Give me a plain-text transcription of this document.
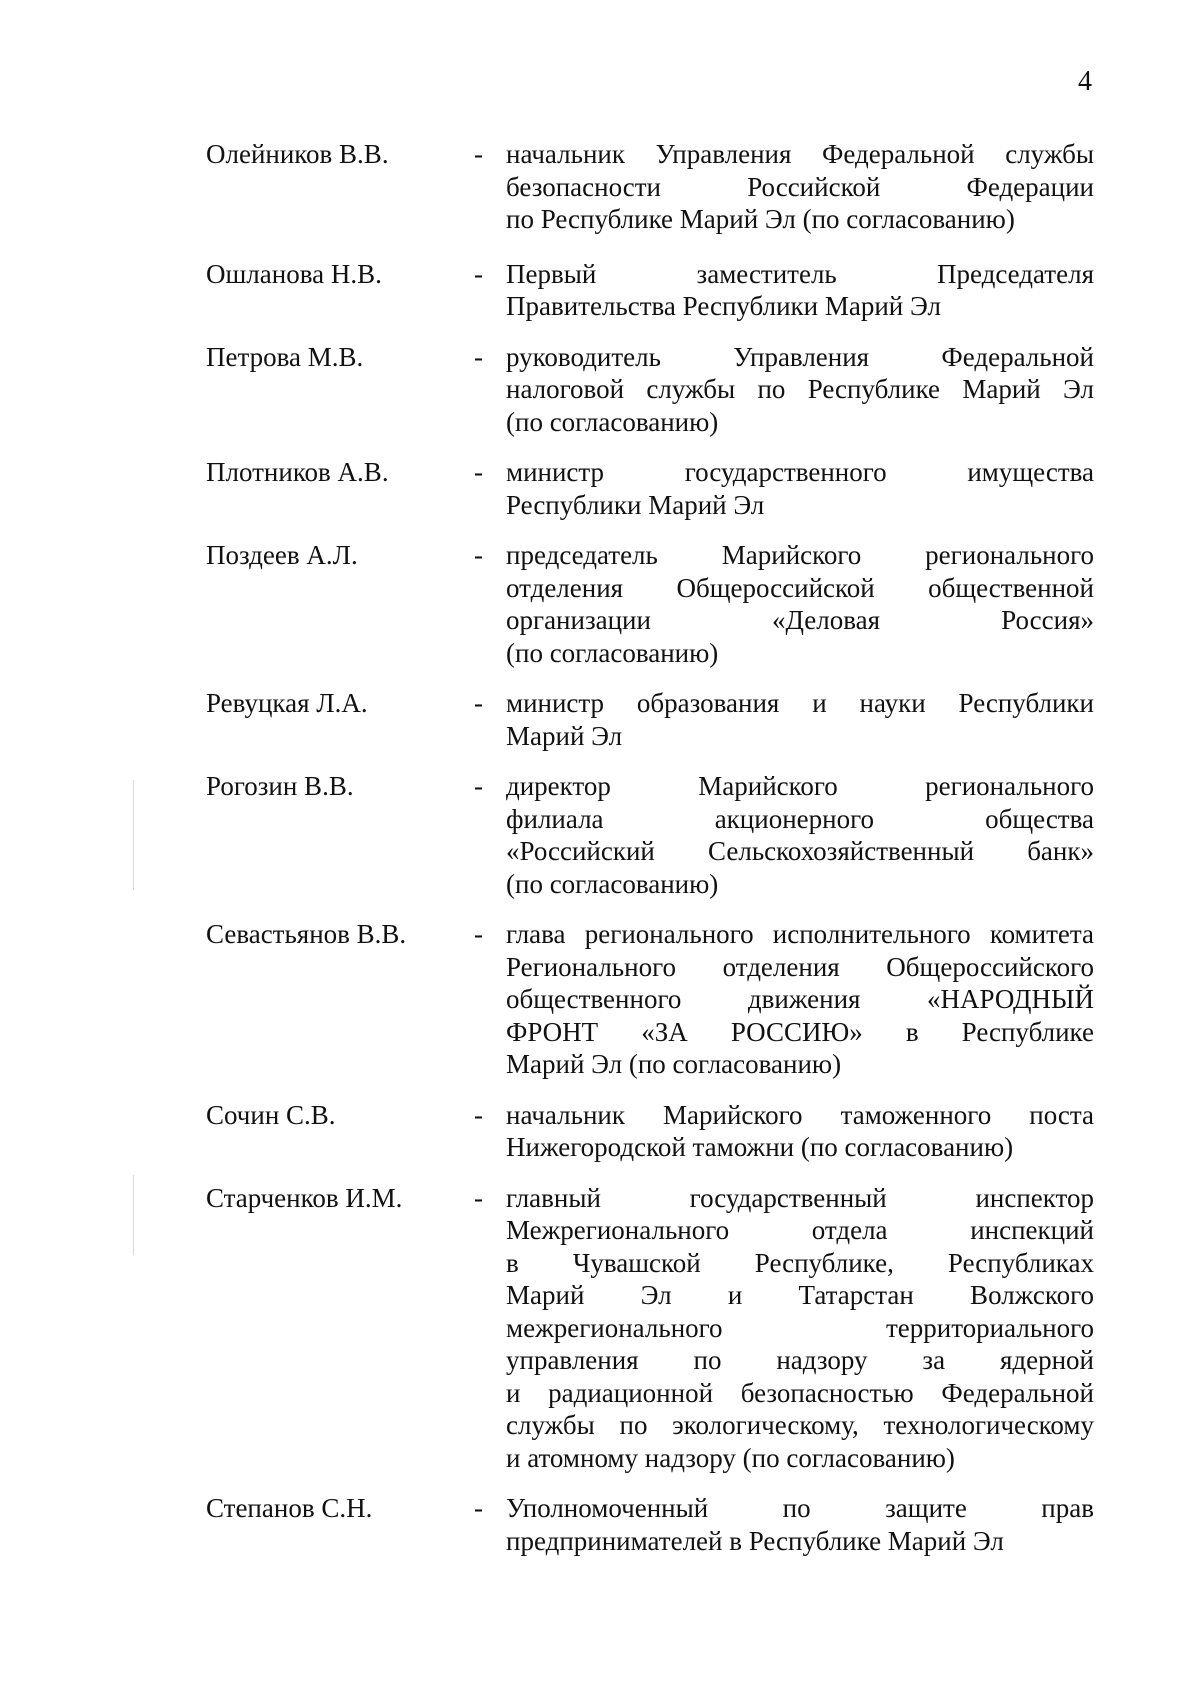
4
Олейников В.В.	- начальник Управления Федеральной службы
безопасности Российской Федерации
по Республике Марий Эл (по согласованию)
Ошланова Н.В.	- Первый заместитель Председателя
Правительства Республики Марий Эл
Петрова М.В.	- руководитель Управления Федеральной
налоговой службы по Республике Марий Эл
(по согласованию)
Плотников А.В.	- министр государственного имущества
Республики Марий Эл
Поздеев А.Л.	- председатель Марийского регионального
отделения Общероссийской общественной
организации «Деловая Россия»
(по согласованию)
Ревуцкая Л.А.	- министр образования и науки Республики
Марий Эл
Рогозин В.В.	- директор Марийского регионального
филиала акционерного общества
«Российский Сельскохозяйственный банк»
(по согласованию)
Севастьянов В.В.	- глава регионального исполнительного комитета
Регионального отделения Общероссийского
общественного движения «НАРОДНЫЙ
ФРОНТ «ЗА РОССИЮ» в Республике
Марий Эл (по согласованию)
Сочин С.В.	- начальник Марийского таможенного поста
Нижегородской таможни (по согласованию)
Старченков И.М.	- главный государственный инспектор
Межрегионального отдела инспекций
в Чувашской Республике, Республиках
Марий Эл и Татарстан Волжского
межрегионального территориального
управления по надзору за ядерной
и радиационной безопасностью Федеральной
службы по экологическому, технологическому
и атомному надзору (по согласованию)
Степанов С.Н.	- Уполномоченный по защите прав
предпринимателей в Республике Марий Эл
